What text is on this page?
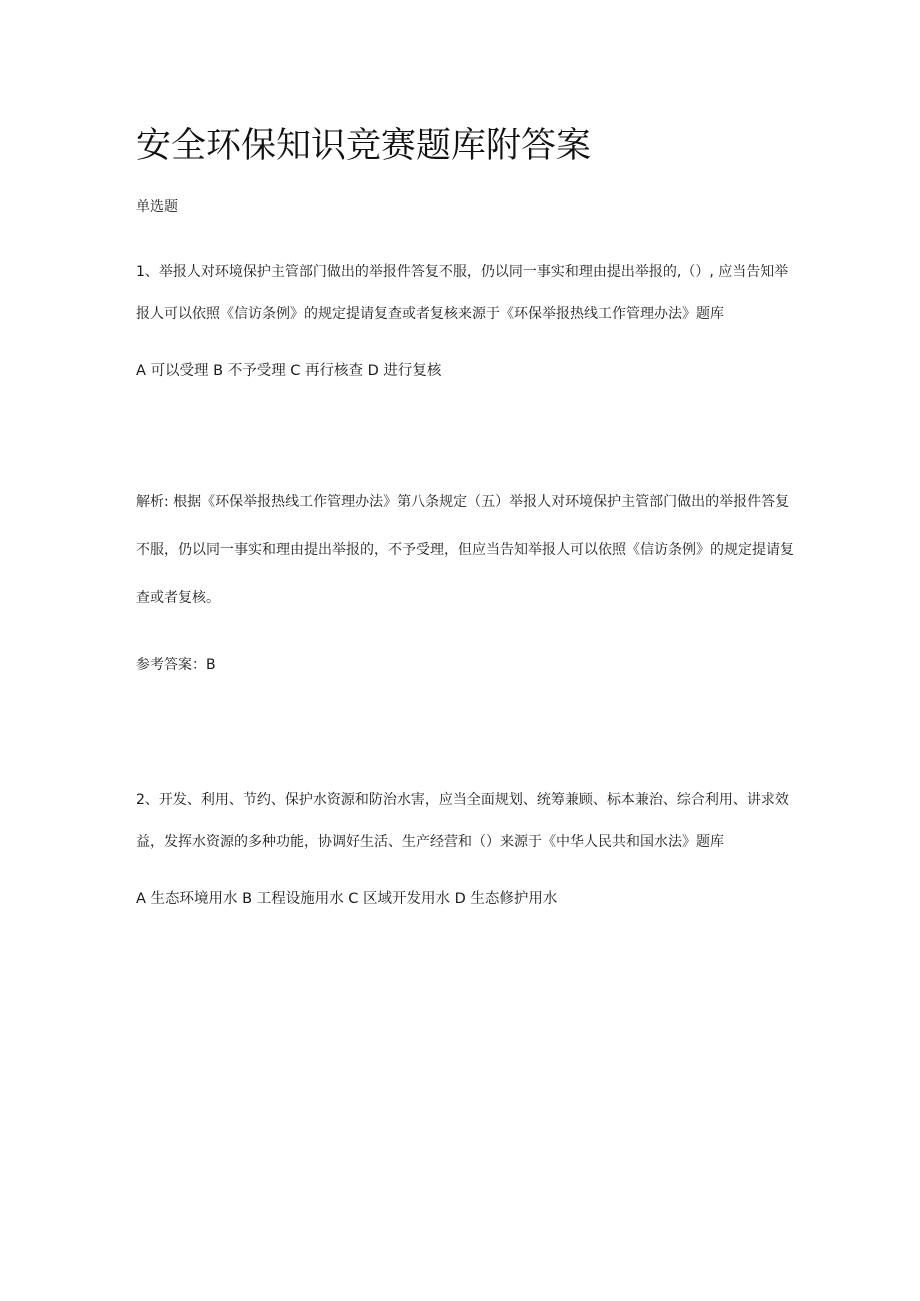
安全环保知识竞赛题库附答案
单选题
1、举报人对环境保护主管部门做出的举报件答复不服，仍以同一事实和理由提出举报的,（）, 应当告知举
报人可以依照《信访条例》的规定提请复查或者复核来源于《环保举报热线工作管理办法》题库
A 可以受理 B 不予受理 C 再行核查 D 进行复核
解析: 根据《环保举报热线工作管理办法》第八条规定（五）举报人对环境保护主管部门做出的举报件答复
不服，仍以同一事实和理由提出举报的，不予受理，但应当告知举报人可以依照《信访条例》的规定提请复
查或者复核。
参考答案：B
2、开发、利用、节约、保护水资源和防治水害，应当全面规划、统筹兼顾、标本兼治、综合利用、讲求效
益，发挥水资源的多种功能，协调好生活、生产经营和（）来源于《中华人民共和国水法》题库
A 生态环境用水 B 工程设施用水 C 区域开发用水 D 生态修护用水
